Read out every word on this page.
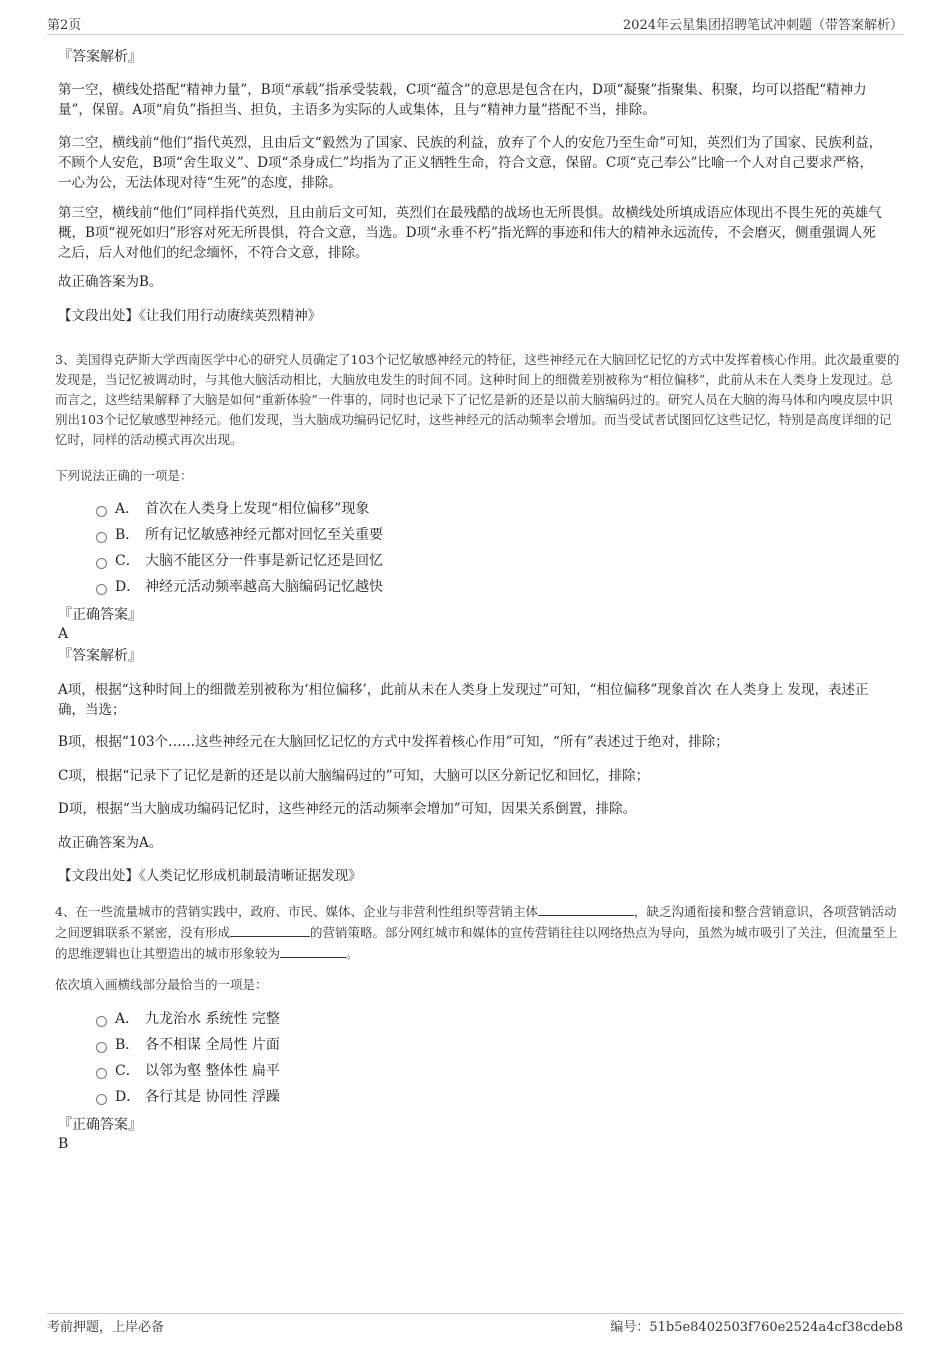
第2页	2024年云星集团招聘笔试冲刺题（带答案解析）
『答案解析』
第一空，横线处搭配“精神力量”，B项“承载”指承受装载，C项“蕴含”的意思是包含在内，D项“凝聚”指聚集、积聚，均可以搭配“精神力量”，保留。A项“肩负”指担当、担负，主语多为实际的人或集体，且与“精神力量”搭配不当，排除。
第二空，横线前“他们”指代英烈，且由后文“毅然为了国家、民族的利益，放弃了个人的安危乃至生命”可知，英烈们为了国家、民族利益，不顾个人安危，B项“舍生取义”、D项“杀身成仁”均指为了正义牺牲生命，符合文意，保留。C项“克己奉公”比喻一个人对自己要求严格，一心为公，无法体现对待“生死”的态度，排除。
第三空，横线前“他们”同样指代英烈，且由前后文可知，英烈们在最残酷的战场也无所畏惧。故横线处所填成语应体现出不畏生死的英雄气概，B项“视死如归”形容对死无所畏惧，符合文意，当选。D项“永垂不朽”指光辉的事迹和伟大的精神永远流传，不会磨灭，侧重强调人死之后，后人对他们的纪念缅怀，不符合文意，排除。
故正确答案为B。
【文段出处】《让我们用行动赓续英烈精神》
3、美国得克萨斯大学西南医学中心的研究人员确定了103个记忆敏感神经元的特征，这些神经元在大脑回忆记忆的方式中发挥着核心作用。此次最重要的发现是，当记忆被调动时，与其他大脑活动相比，大脑放电发生的时间不同。这种时间上的细微差别被称为“相位偏移”，此前从未在人类身上发现过。总而言之，这些结果解释了大脑是如何“重新体验”一件事的，同时也记录下了记忆是新的还是以前大脑编码过的。研究人员在大脑的海马体和内嗅皮层中识别出103个记忆敏感型神经元。他们发现，当大脑成功编码记忆时，这些神经元的活动频率会增加。而当受试者试图回忆这些记忆，特别是高度详细的记忆时，同样的活动模式再次出现。
下列说法正确的一项是：
A． 首次在人类身上发现“相位偏移”现象
B． 所有记忆敏感神经元都对回忆至关重要
C． 大脑不能区分一件事是新记忆还是回忆
D． 神经元活动频率越高大脑编码记忆越快
『正确答案』
A
『答案解析』
A项，根据“这种时间上的细微差别被称为‘相位偏移’，此前从未在人类身上发现过”可知，“相位偏移”现象首次 在人类身上 发现，表述正确，当选；
B项，根据“103个……这些神经元在大脑回忆记忆的方式中发挥着核心作用”可知，“所有”表述过于绝对，排除；
C项，根据“记录下了记忆是新的还是以前大脑编码过的”可知，大脑可以区分新记忆和回忆，排除；
D项，根据“当大脑成功编码记忆时，这些神经元的活动频率会增加”可知，因果关系倒置，排除。
故正确答案为A。
【文段出处】《人类记忆形成机制最清晰证据发现》
4、在一些流量城市的营销实践中，政府、市民、媒体、企业与非营利性组织等营销主体	，缺乏沟通衔接和整合营销意识，各项营销活动之间逻辑联系不紧密，没有形成	的营销策略。部分网红城市和媒体的宣传营销往往以网络热点为导向，虽然为城市吸引了关注，但流量至上的思维逻辑也让其塑造出的城市形象较为	。
依次填入画横线部分最恰当的一项是：
A． 九龙治水 系统性 完整
B． 各不相谋 全局性 片面
C． 以邻为壑 整体性 扁平
D． 各行其是 协同性 浮躁
『正确答案』
B
考前押题，上岸必备	编号：51b5e8402503f760e2524a4cf38cdeb8
